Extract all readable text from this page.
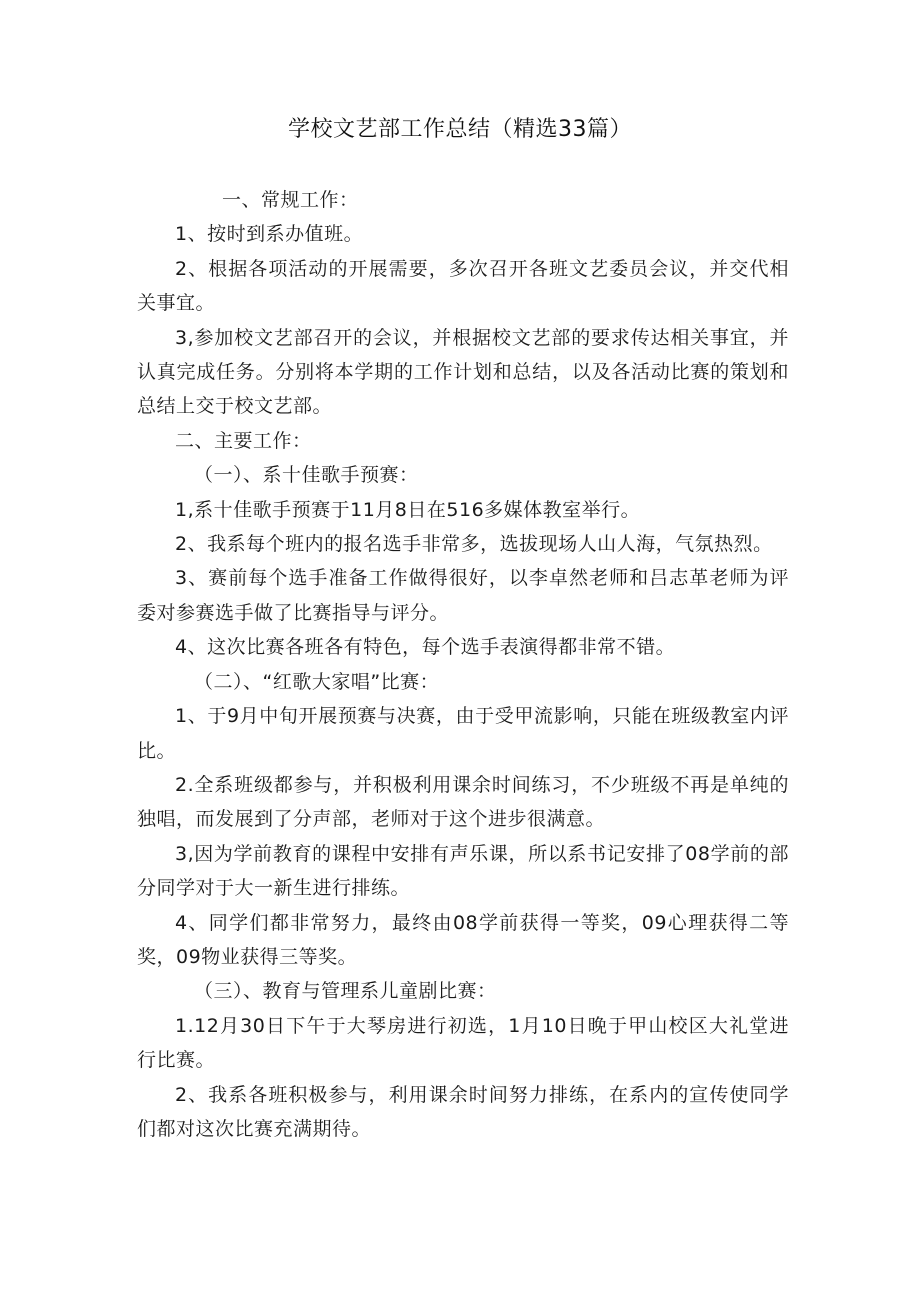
学校文艺部工作总结（精选33篇）

一、常规工作：

1、按时到系办值班。

2、根据各项活动的开展需要，多次召开各班文艺委员会议，并交代相关事宜。

3,参加校文艺部召开的会议，并根据校文艺部的要求传达相关事宜，并认真完成任务。分别将本学期的工作计划和总结，以及各活动比赛的策划和总结上交于校文艺部。

二、主要工作：

（一）、系十佳歌手预赛：

1,系十佳歌手预赛于11月8日在516多媒体教室举行。

2、我系每个班内的报名选手非常多，选拔现场人山人海，气氛热烈。

3、赛前每个选手准备工作做得很好，以李卓然老师和吕志革老师为评委对参赛选手做了比赛指导与评分。

4、这次比赛各班各有特色，每个选手表演得都非常不错。

（二）、“红歌大家唱”比赛：

1、于9月中旬开展预赛与决赛，由于受甲流影响，只能在班级教室内评比。

2.全系班级都参与，并积极利用课余时间练习，不少班级不再是单纯的独唱，而发展到了分声部，老师对于这个进步很满意。

3,因为学前教育的课程中安排有声乐课，所以系书记安排了08学前的部分同学对于大一新生进行排练。

4、同学们都非常努力，最终由08学前获得一等奖，09心理获得二等奖，09物业获得三等奖。

（三）、教育与管理系儿童剧比赛：

1.12月30日下午于大琴房进行初选，1月10日晚于甲山校区大礼堂进行比赛。

2、我系各班积极参与，利用课余时间努力排练，在系内的宣传使同学们都对这次比赛充满期待。
